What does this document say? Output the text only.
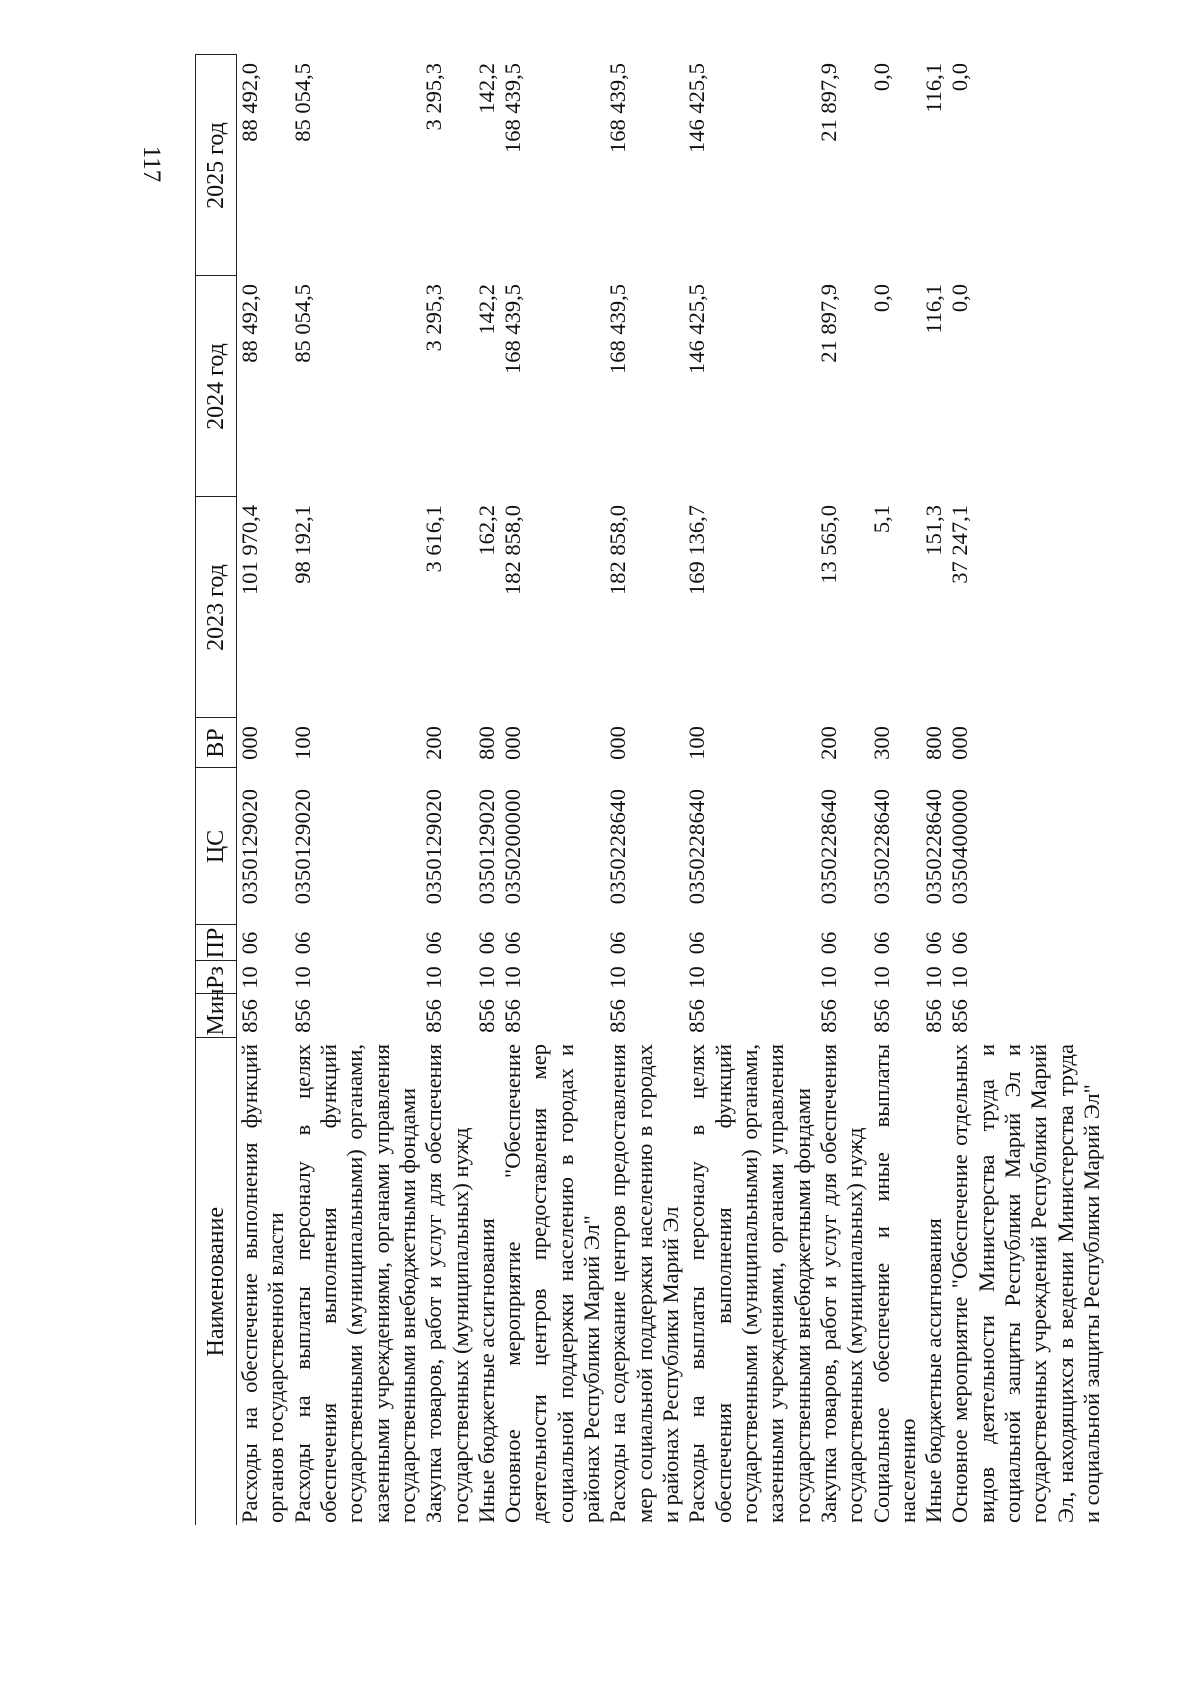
117
Наименование	Мин	Рз	ПР	ЦС	ВР	2023 год	2024 год	2025 год
Расходы на обеспечение выполнения функций органов государственной власти	856	10	06	0350129020	000	101 970,4	88 492,0	88 492,0
Расходы на выплаты персоналу в целях обеспечения выполнения функций государственными (муниципальными) органами, казенными учреждениями, органами управления государственными внебюджетными фондами	856	10	06	0350129020	100	98 192,1	85 054,5	85 054,5
Закупка товаров, работ и услуг для обеспечения государственных (муниципальных) нужд	856	10	06	0350129020	200	3 616,1	3 295,3	3 295,3
Иные бюджетные ассигнования	856	10	06	0350129020	800	162,2	142,2	142,2
Основное мероприятие "Обеспечение деятельности центров предоставления мер социальной поддержки населению в городах и районах Республики Марий Эл"	856	10	06	0350200000	000	182 858,0	168 439,5	168 439,5
Расходы на содержание центров предоставления мер социальной поддержки населению в городах и районах Республики Марий Эл	856	10	06	0350228640	000	182 858,0	168 439,5	168 439,5
Расходы на выплаты персоналу в целях обеспечения выполнения функций государственными (муниципальными) органами, казенными учреждениями, органами управления государственными внебюджетными фондами	856	10	06	0350228640	100	169 136,7	146 425,5	146 425,5
Закупка товаров, работ и услуг для обеспечения государственных (муниципальных) нужд	856	10	06	0350228640	200	13 565,0	21 897,9	21 897,9
Социальное обеспечение и иные выплаты населению	856	10	06	0350228640	300	5,1	0,0	0,0
Иные бюджетные ассигнования	856	10	06	0350228640	800	151,3	116,1	116,1
Основное мероприятие "Обеспечение отдельных видов деятельности Министерства труда и социальной защиты Республики Марий Эл и государственных учреждений Республики Марий Эл, находящихся в ведении Министерства труда и социальной защиты Республики Марий Эл"	856	10	06	0350400000	000	37 247,1	0,0	0,0
